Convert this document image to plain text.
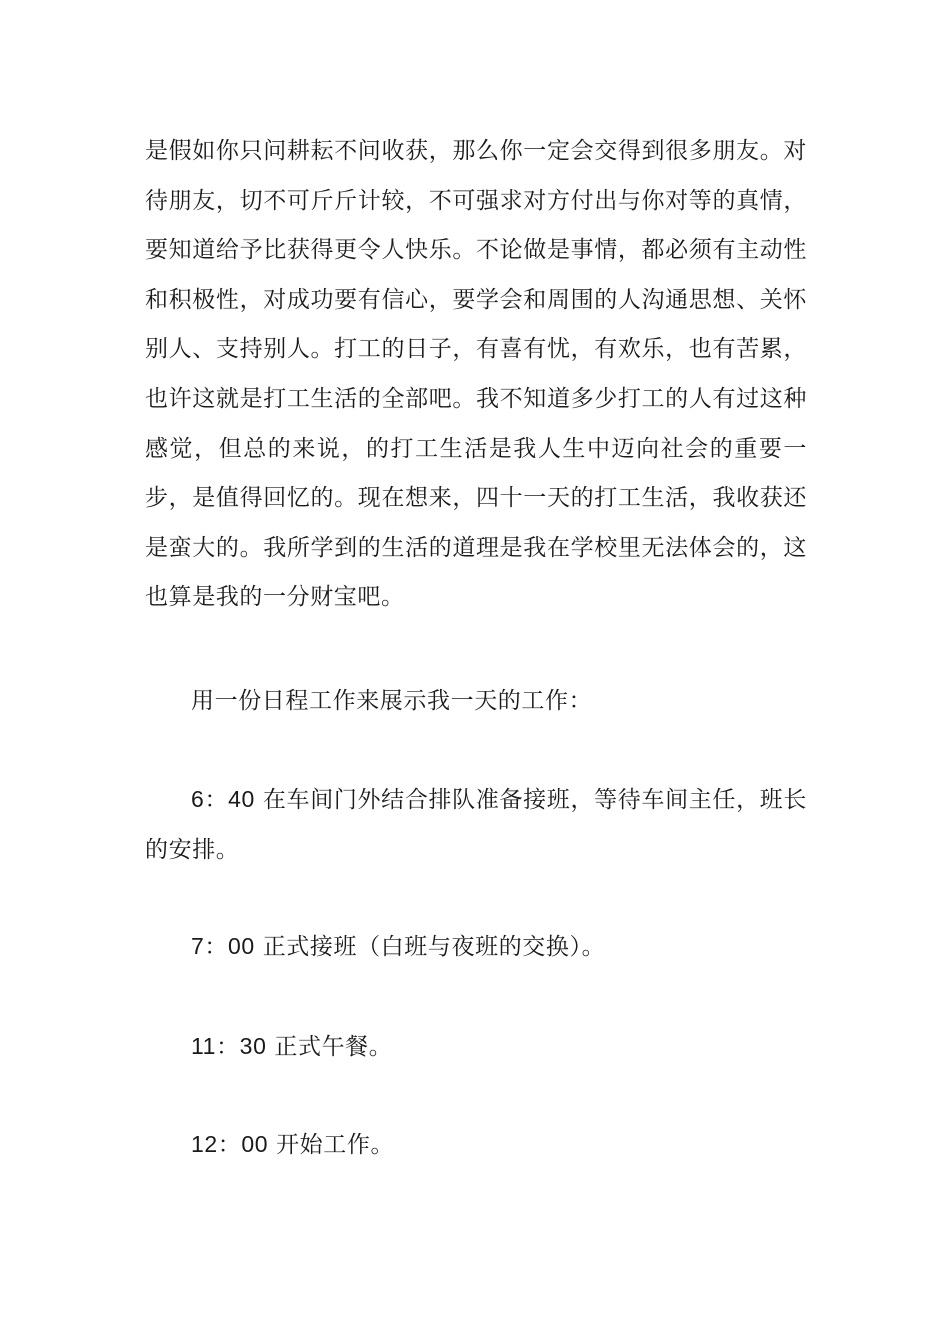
是假如你只问耕耘不问收获，那么你一定会交得到很多朋友。对待朋友，切不可斤斤计较，不可强求对方付出与你对等的真情，要知道给予比获得更令人快乐。不论做是事情，都必须有主动性和积极性，对成功要有信心，要学会和周围的人沟通思想、关怀别人、支持别人。打工的日子，有喜有忧，有欢乐，也有苦累，也许这就是打工生活的全部吧。我不知道多少打工的人有过这种感觉，但总的来说，的打工生活是我人生中迈向社会的重要一步，是值得回忆的。现在想来，四十一天的打工生活，我收获还是蛮大的。我所学到的生活的道理是我在学校里无法体会的，这也算是我的一分财宝吧。

用一份日程工作来展示我一天的工作：

6：40 在车间门外结合排队准备接班，等待车间主任，班长的安排。

7：00 正式接班（白班与夜班的交换）。

11：30 正式午餐。

12：00 开始工作。
